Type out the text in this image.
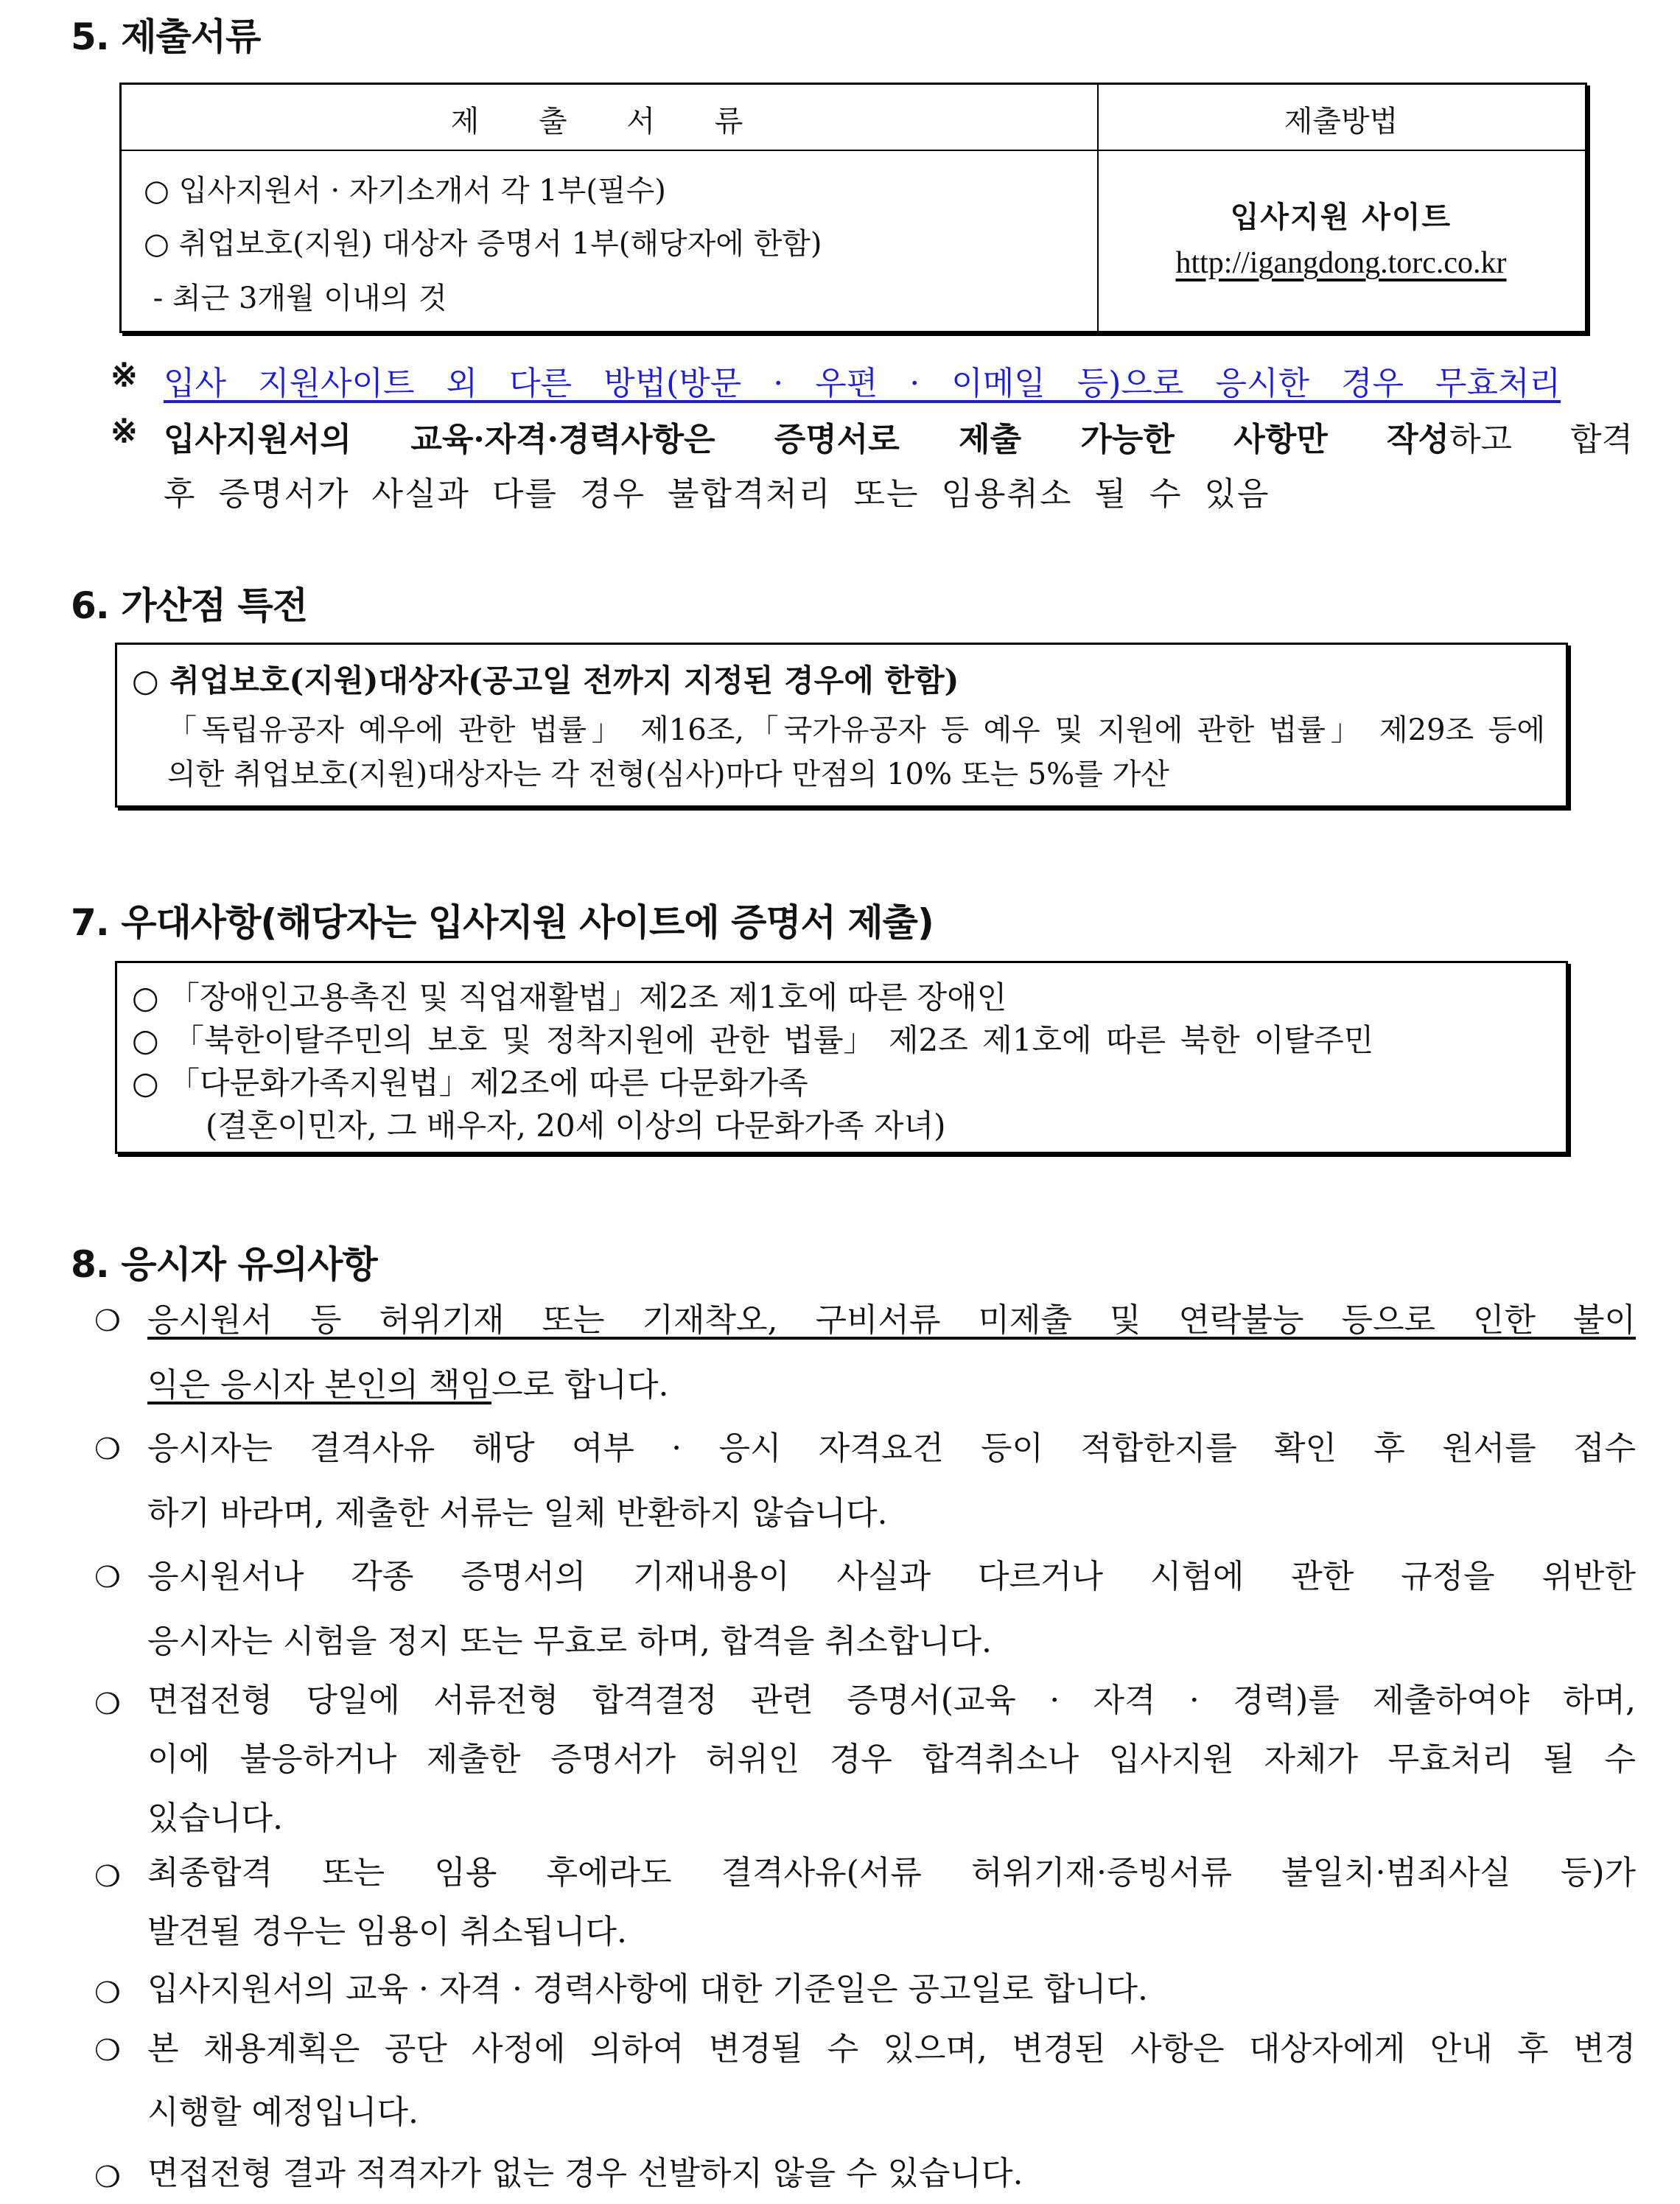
5. 제출서류
제 출 서 류	제출방법
○ 입사지원서 · 자기소개서 각 1부(필수)
○ 취업보호(지원) 대상자 증명서 1부(해당자에 한함)
- 최근 3개월 이내의 것
입사지원 사이트
http://igangdong.torc.co.kr
※ 입사 지원사이트 외 다른 방법(방문 · 우편 · 이메일 등)으로 응시한 경우 무효처리
※ 입사지원서의 교육·자격·경력사항은 증명서로 제출 가능한 사항만 작성하고 합격
후 증명서가 사실과 다를 경우 불합격처리 또는 임용취소 될 수 있음
6. 가산점 특전
○ 취업보호(지원)대상자(공고일 전까지 지정된 경우에 한함)
「독립유공자 예우에 관한 법률」 제16조,「국가유공자 등 예우 및 지원에 관한 법률」 제29조 등에
의한 취업보호(지원)대상자는 각 전형(심사)마다 만점의 10% 또는 5%를 가산
7. 우대사항(해당자는 입사지원 사이트에 증명서 제출)
○ 「장애인고용촉진 및 직업재활법」제2조 제1호에 따른 장애인
○ 「북한이탈주민의 보호 및 정착지원에 관한 법률」 제2조 제1호에 따른 북한 이탈주민
○ 「다문화가족지원법」제2조에 따른 다문화가족
(결혼이민자, 그 배우자, 20세 이상의 다문화가족 자녀)
8. 응시자 유의사항
❍ 응시원서 등 허위기재 또는 기재착오, 구비서류 미제출 및 연락불능 등으로 인한 불이
익은 응시자 본인의 책임으로 합니다.
❍ 응시자는 결격사유 해당 여부 · 응시 자격요건 등이 적합한지를 확인 후 원서를 접수
하기 바라며, 제출한 서류는 일체 반환하지 않습니다.
❍ 응시원서나 각종 증명서의 기재내용이 사실과 다르거나 시험에 관한 규정을 위반한
응시자는 시험을 정지 또는 무효로 하며, 합격을 취소합니다.
❍ 면접전형 당일에 서류전형 합격결정 관련 증명서(교육 · 자격 · 경력)를 제출하여야 하며,
이에 불응하거나 제출한 증명서가 허위인 경우 합격취소나 입사지원 자체가 무효처리 될 수
있습니다.
❍ 최종합격 또는 임용 후에라도 결격사유(서류 허위기재·증빙서류 불일치·범죄사실 등)가
발견될 경우는 임용이 취소됩니다.
❍ 입사지원서의 교육 · 자격 · 경력사항에 대한 기준일은 공고일로 합니다.
❍ 본 채용계획은 공단 사정에 의하여 변경될 수 있으며, 변경된 사항은 대상자에게 안내 후 변경
시행할 예정입니다.
❍ 면접전형 결과 적격자가 없는 경우 선발하지 않을 수 있습니다.
